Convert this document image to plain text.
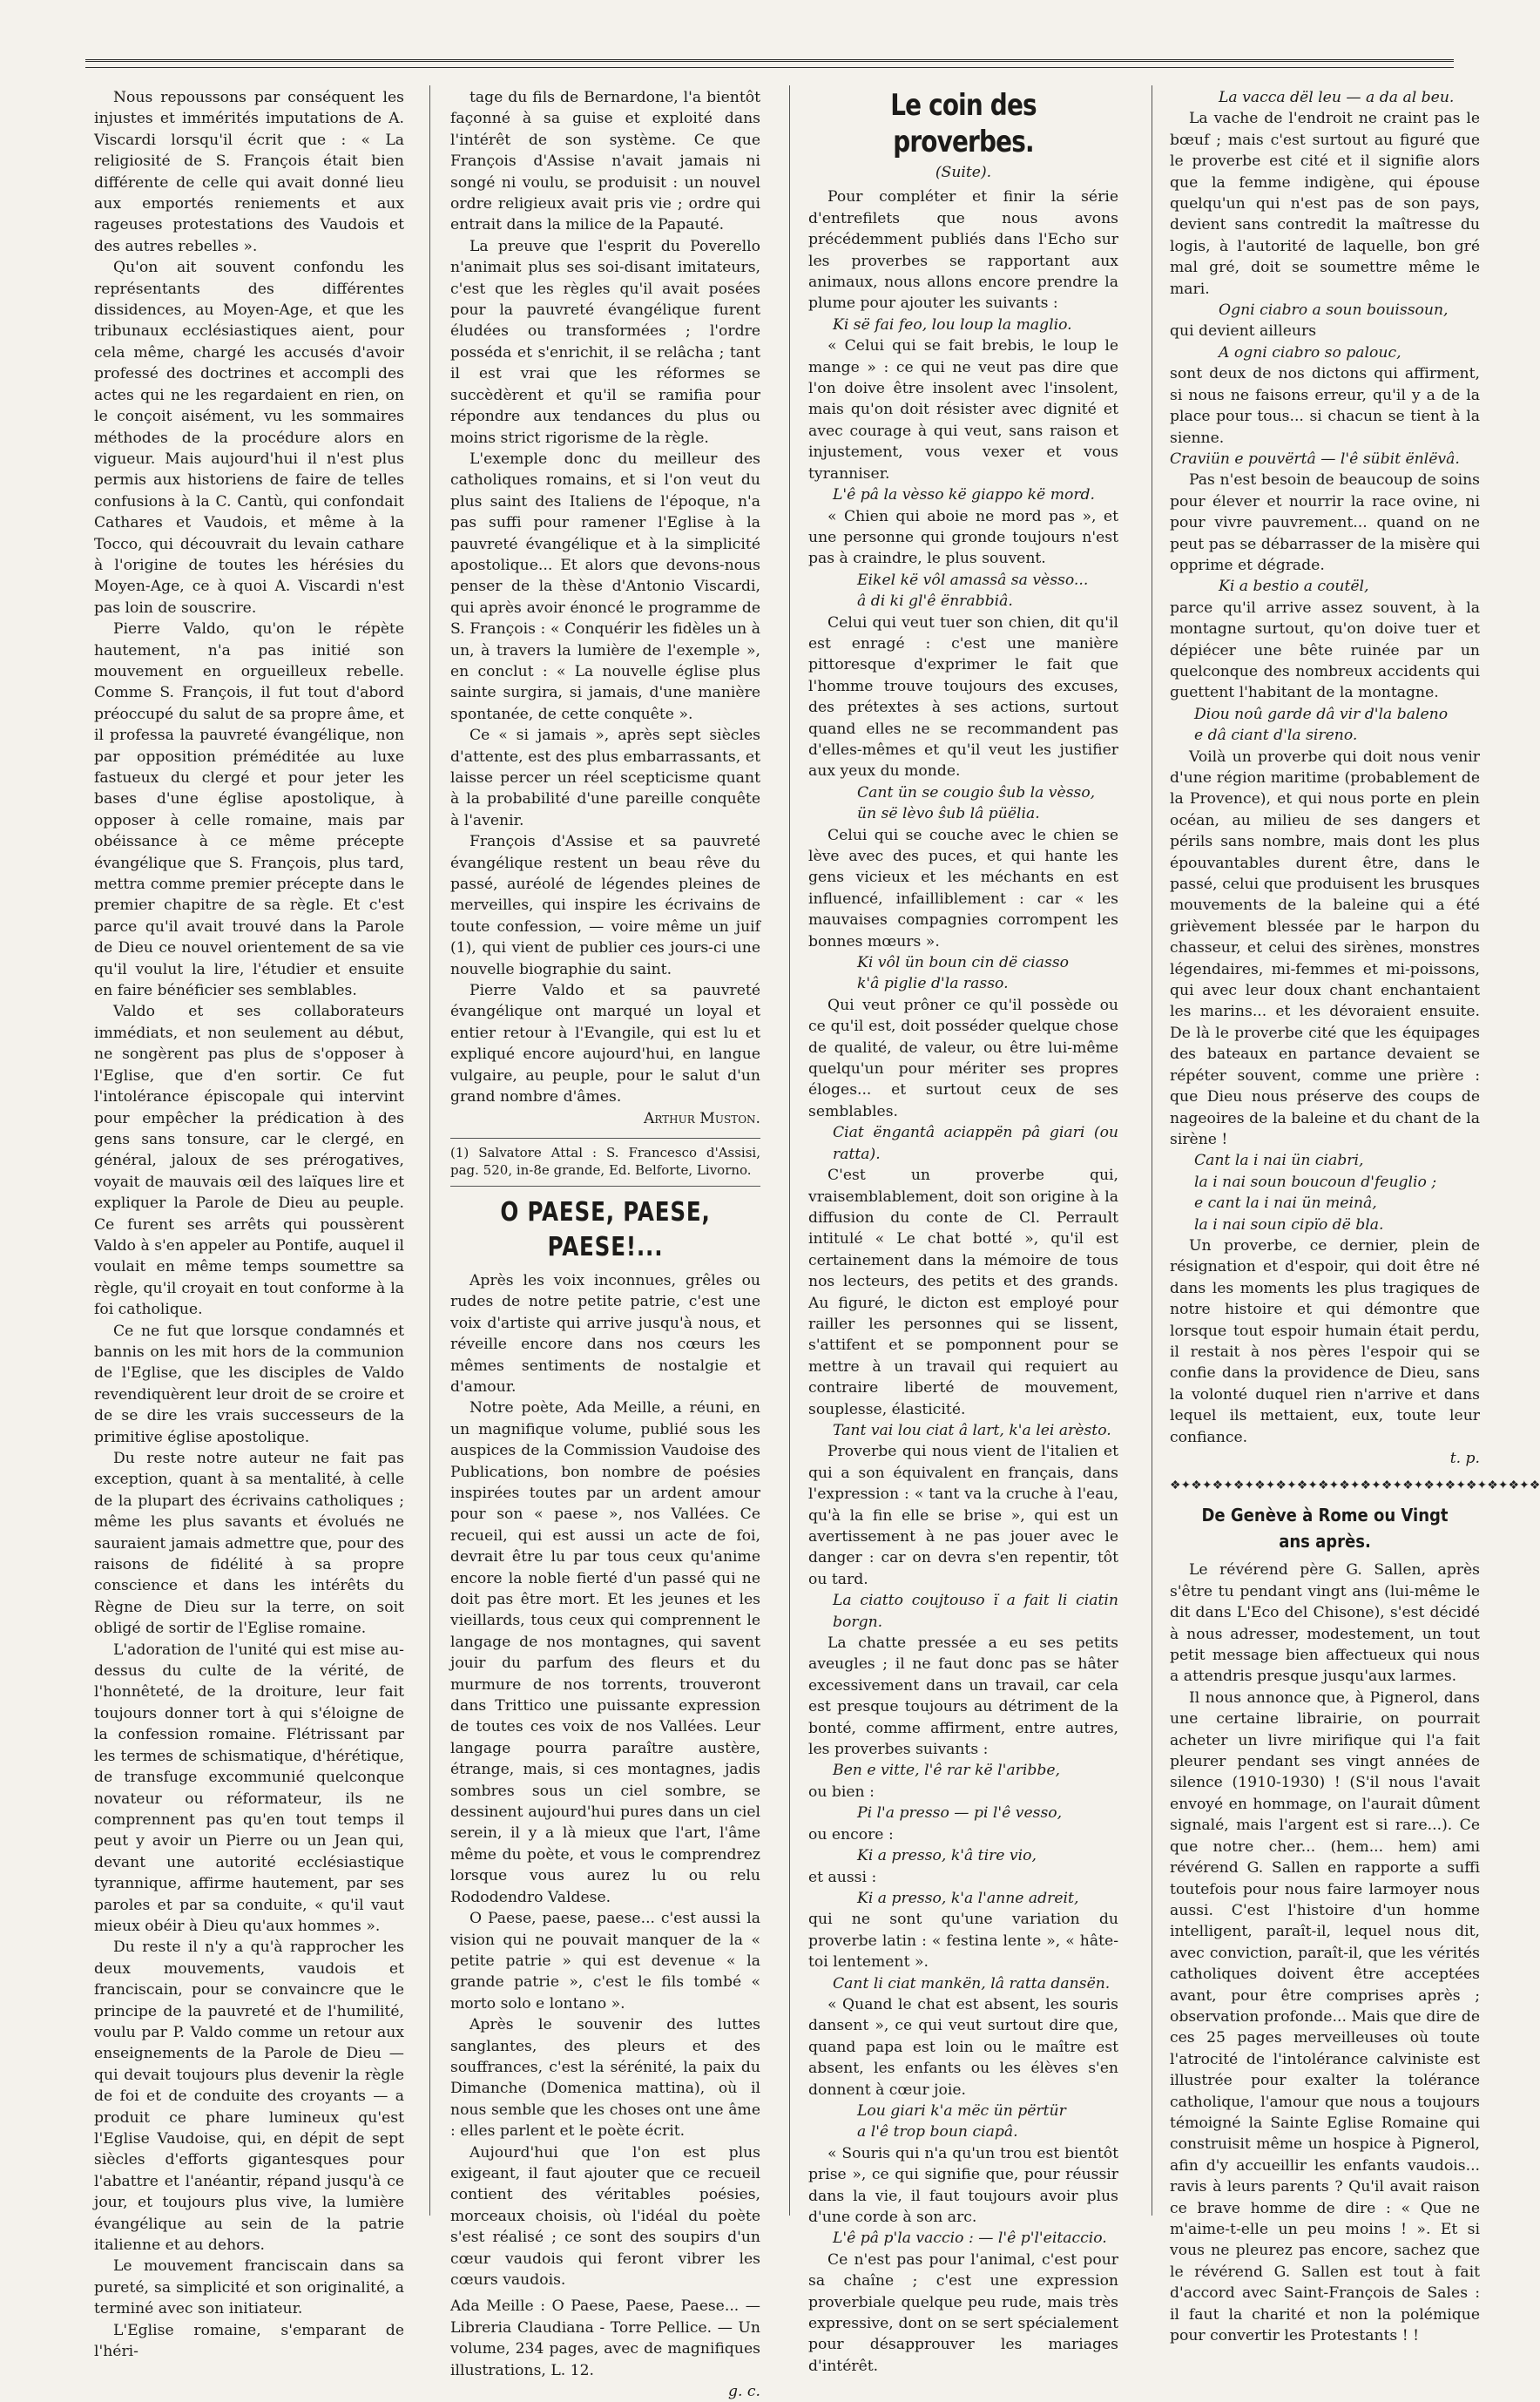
Nous repoussons par conséquent les injustes et immérités imputations de A. Viscardi lorsqu'il écrit que : « La religiosité de S. François était bien différente de celle qui avait donné lieu aux emportés reniements et aux rageuses protestations des Vaudois et des autres rebelles ».

Qu'on ait souvent confondu les représentants des différentes dissidences, au Moyen-Age, et que les tribunaux ecclésiastiques aient, pour cela même, chargé les accusés d'avoir professé des doctrines et accompli des actes qui ne les regardaient en rien, on le conçoit aisément, vu les sommaires méthodes de la procédure alors en vigueur. Mais aujourd'hui il n'est plus permis aux historiens de faire de telles confusions à la C. Cantù, qui confondait Cathares et Vaudois, et même à la Tocco, qui découvrait du levain cathare à l'origine de toutes les hérésies du Moyen-Age, ce à quoi A. Viscardi n'est pas loin de souscrire.

Pierre Valdo, qu'on le répète hautement, n'a pas initié son mouvement en orgueilleux rebelle. Comme S. François, il fut tout d'abord préoccupé du salut de sa propre âme, et il professa la pauvreté évangélique, non par opposition préméditée au luxe fastueux du clergé et pour jeter les bases d'une église apostolique, à opposer à celle romaine, mais par obéissance à ce même précepte évangélique que S. François, plus tard, mettra comme premier précepte dans le premier chapitre de sa règle. Et c'est parce qu'il avait trouvé dans la Parole de Dieu ce nouvel orientement de sa vie qu'il voulut la lire, l'étudier et ensuite en faire bénéficier ses semblables.

Valdo et ses collaborateurs immédiats, et non seulement au début, ne songèrent pas plus de s'opposer à l'Eglise, que d'en sortir. Ce fut l'intolérance épiscopale qui intervint pour empêcher la prédication à des gens sans tonsure, car le clergé, en général, jaloux de ses prérogatives, voyait de mauvais œil des laïques lire et expliquer la Parole de Dieu au peuple. Ce furent ses arrêts qui poussèrent Valdo à s'en appeler au Pontife, auquel il voulait en même temps soumettre sa règle, qu'il croyait en tout conforme à la foi catholique.

Ce ne fut que lorsque condamnés et bannis on les mit hors de la communion de l'Eglise, que les disciples de Valdo revendiquèrent leur droit de se croire et de se dire les vrais successeurs de la primitive église apostolique.

Du reste notre auteur ne fait pas exception, quant à sa mentalité, à celle de la plupart des écrivains catholiques ; même les plus savants et évolués ne sauraient jamais admettre que, pour des raisons de fidélité à sa propre conscience et dans les intérêts du Règne de Dieu sur la terre, on soit obligé de sortir de l'Eglise romaine.

L'adoration de l'unité qui est mise au-dessus du culte de la vérité, de l'honnêteté, de la droiture, leur fait toujours donner tort à qui s'éloigne de la confession romaine. Flétrissant par les termes de schismatique, d'hérétique, de transfuge excommunié quelconque novateur ou réformateur, ils ne comprennent pas qu'en tout temps il peut y avoir un Pierre ou un Jean qui, devant une autorité ecclésiastique tyrannique, affirme hautement, par ses paroles et par sa conduite, « qu'il vaut mieux obéir à Dieu qu'aux hommes ».

Du reste il n'y a qu'à rapprocher les deux mouvements, vaudois et franciscain, pour se convaincre que le principe de la pauvreté et de l'humilité, voulu par P. Valdo comme un retour aux enseignements de la Parole de Dieu — qui devait toujours plus devenir la règle de foi et de conduite des croyants — a produit ce phare lumineux qu'est l'Eglise Vaudoise, qui, en dépit de sept siècles d'efforts gigantesques pour l'abattre et l'anéantir, répand jusqu'à ce jour, et toujours plus vive, la lumière évangélique au sein de la patrie italienne et au dehors.

Le mouvement franciscain dans sa pureté, sa simplicité et son originalité, a terminé avec son initiateur.

L'Eglise romaine, s'emparant de l'héri-

tage du fils de Bernardone, l'a bientôt façonné à sa guise et exploité dans l'intérêt de son système. Ce que François d'Assise n'avait jamais ni songé ni voulu, se produisit : un nouvel ordre religieux avait pris vie ; ordre qui entrait dans la milice de la Papauté.

La preuve que l'esprit du Poverello n'animait plus ses soi-disant imitateurs, c'est que les règles qu'il avait posées pour la pauvreté évangélique furent éludées ou transformées ; l'ordre posséda et s'enrichit, il se relâcha ; tant il est vrai que les réformes se succèdèrent et qu'il se ramifia pour répondre aux tendances du plus ou moins strict rigorisme de la règle.

L'exemple donc du meilleur des catholiques romains, et si l'on veut du plus saint des Italiens de l'époque, n'a pas suffi pour ramener l'Eglise à la pauvreté évangélique et à la simplicité apostolique... Et alors que devons-nous penser de la thèse d'Antonio Viscardi, qui après avoir énoncé le programme de S. François : « Conquérir les fidèles un à un, à travers la lumière de l'exemple », en conclut : « La nouvelle église plus sainte surgira, si jamais, d'une manière spontanée, de cette conquête ».

Ce « si jamais », après sept siècles d'attente, est des plus embarrassants, et laisse percer un réel scepticisme quant à la probabilité d'une pareille conquête à l'avenir.

François d'Assise et sa pauvreté évangélique restent un beau rêve du passé, auréolé de légendes pleines de merveilles, qui inspire les écrivains de toute confession, — voire même un juif (1), qui vient de publier ces jours-ci une nouvelle biographie du saint.

Pierre Valdo et sa pauvreté évangélique ont marqué un loyal et entier retour à l'Evangile, qui est lu et expliqué encore aujourd'hui, en langue vulgaire, au peuple, pour le salut d'un grand nombre d'âmes.

Arthur Muston.

(1) Salvatore Attal : S. Francesco d'Assisi, pag. 520, in-8e grande, Ed. Belforte, Livorno.

O PAESE, PAESE, PAESE!...

Après les voix inconnues, grêles ou rudes de notre petite patrie, c'est une voix d'artiste qui arrive jusqu'à nous, et réveille encore dans nos cœurs les mêmes sentiments de nostalgie et d'amour.

Notre poète, Ada Meille, a réuni, en un magnifique volume, publié sous les auspices de la Commission Vaudoise des Publications, bon nombre de poésies inspirées toutes par un ardent amour pour son « paese », nos Vallées. Ce recueil, qui est aussi un acte de foi, devrait être lu par tous ceux qu'anime encore la noble fierté d'un passé qui ne doit pas être mort. Et les jeunes et les vieillards, tous ceux qui comprennent le langage de nos montagnes, qui savent jouir du parfum des fleurs et du murmure de nos torrents, trouveront dans Trittico une puissante expression de toutes ces voix de nos Vallées. Leur langage pourra paraître austère, étrange, mais, si ces montagnes, jadis sombres sous un ciel sombre, se dessinent aujourd'hui pures dans un ciel serein, il y a là mieux que l'art, l'âme même du poète, et vous le comprendrez lorsque vous aurez lu ou relu Rododendro Valdese.

O Paese, paese, paese... c'est aussi la vision qui ne pouvait manquer de la « petite patrie » qui est devenue « la grande patrie », c'est le fils tombé « morto solo e lontano ».

Après le souvenir des luttes sanglantes, des pleurs et des souffrances, c'est la sérénité, la paix du Dimanche (Domenica mattina), où il nous semble que les choses ont une âme : elles parlent et le poète écrit.

Aujourd'hui que l'on est plus exigeant, il faut ajouter que ce recueil contient des véritables poésies, morceaux choisis, où l'idéal du poète s'est réalisé ; ce sont des soupirs d'un cœur vaudois qui feront vibrer les cœurs vaudois.

Ada Meille : O Paese, Paese, Paese... — Libreria Claudiana - Torre Pellice. — Un volume, 234 pages, avec de magnifiques illustrations, L. 12.

g. c.

Le coin des proverbes.
(Suite).

Pour compléter et finir la série d'entrefilets que nous avons précédemment publiés dans l'Echo sur les proverbes se rapportant aux animaux, nous allons encore prendre la plume pour ajouter les suivants :

Ki së fai feo, lou loup la maglio.

« Celui qui se fait brebis, le loup le mange » : ce qui ne veut pas dire que l'on doive être insolent avec l'insolent, mais qu'on doit résister avec dignité et avec courage à qui veut, sans raison et injustement, vous vexer et vous tyranniser.

L'ê pâ la vèsso kë giappo kë mord.

« Chien qui aboie ne mord pas », et une personne qui gronde toujours n'est pas à craindre, le plus souvent.

Eikel kë vôl amassâ sa vèsso...

â di ki gl'ê ënrabbiâ.

Celui qui veut tuer son chien, dit qu'il est enragé : c'est une manière pittoresque d'exprimer le fait que l'homme trouve toujours des excuses, des prétextes à ses actions, surtout quand elles ne se recommandent pas d'elles-mêmes et qu'il veut les justifier aux yeux du monde.

Cant ün se cougio ŝub la vèsso,

ün së lèvo ŝub lâ püëlia.

Celui qui se couche avec le chien se lève avec des puces, et qui hante les gens vicieux et les méchants en est influencé, infailliblement : car « les mauvaises compagnies corrompent les bonnes mœurs ».

Ki vôl ün boun cin dë ciasso

k'â piglie d'la rasso.

Qui veut prôner ce qu'il possède ou ce qu'il est, doit posséder quelque chose de qualité, de valeur, ou être lui-même quelqu'un pour mériter ses propres éloges... et surtout ceux de ses semblables.

Ciat ëngantâ aciappën pâ giari (ou ratta).

C'est un proverbe qui, vraisemblablement, doit son origine à la diffusion du conte de Cl. Perrault intitulé « Le chat botté », qu'il est certainement dans la mémoire de tous nos lecteurs, des petits et des grands. Au figuré, le dicton est employé pour railler les personnes qui se lissent, s'attifent et se pomponnent pour se mettre à un travail qui requiert au contraire liberté de mouvement, souplesse, élasticité.

Tant vai lou ciat â lart, k'a lei arèsto.

Proverbe qui nous vient de l'italien et qui a son équivalent en français, dans l'expression : « tant va la cruche à l'eau, qu'à la fin elle se brise », qui est un avertissement à ne pas jouer avec le danger : car on devra s'en repentir, tôt ou tard.

La ciatto coujtouso ï a fait li ciatin borgn.

La chatte pressée a eu ses petits aveugles ; il ne faut donc pas se hâter excessivement dans un travail, car cela est presque toujours au détriment de la bonté, comme affirment, entre autres, les proverbes suivants :

Ben e vitte, l'ê rar kë l'aribbe,

ou bien :

Pi l'a presso — pi l'ê vesso,

ou encore :

Ki a presso, k'â tire vio,

et aussi :

Ki a presso, k'a l'anne adreit,

qui ne sont qu'une variation du proverbe latin : « festina lente », « hâte-toi lentement ».

Cant li ciat mankën, lâ ratta dansën.

« Quand le chat est absent, les souris dansent », ce qui veut surtout dire que, quand papa est loin ou le maître est absent, les enfants ou les élèves s'en donnent à cœur joie.

Lou giari k'a mëc ün përtür

a l'ê trop boun ciapâ.

« Souris qui n'a qu'un trou est bientôt prise », ce qui signifie que, pour réussir dans la vie, il faut toujours avoir plus d'une corde à son arc.

L'ê pâ p'la vaccio : — l'ê p'l'eitaccio.

Ce n'est pas pour l'animal, c'est pour sa chaîne ; c'est une expression proverbiale quelque peu rude, mais très expressive, dont on se sert spécialement pour désapprouver les mariages d'intérêt.

La vacca dël leu — a da al beu.

La vache de l'endroit ne craint pas le bœuf ; mais c'est surtout au figuré que le proverbe est cité et il signifie alors que la femme indigène, qui épouse quelqu'un qui n'est pas de son pays, devient sans contredit la maîtresse du logis, à l'autorité de laquelle, bon gré mal gré, doit se soumettre même le mari.

Ogni ciabro a soun bouissoun,

qui devient ailleurs

A ogni ciabro so palouc,

sont deux de nos dictons qui affirment, si nous ne faisons erreur, qu'il y a de la place pour tous... si chacun se tient à la sienne.

Craviün e pouvërtâ — l'ê sübit ënlëvâ.

Pas n'est besoin de beaucoup de soins pour élever et nourrir la race ovine, ni pour vivre pauvrement... quand on ne peut pas se débarrasser de la misère qui opprime et dégrade.

Ki a bestio a coutël,

parce qu'il arrive assez souvent, à la montagne surtout, qu'on doive tuer et dépiécer une bête ruinée par un quelconque des nombreux accidents qui guettent l'habitant de la montagne.

Diou noû garde dâ vir d'la baleno

e dâ ciant d'la sireno.

Voilà un proverbe qui doit nous venir d'une région maritime (probablement de la Provence), et qui nous porte en plein océan, au milieu de ses dangers et périls sans nombre, mais dont les plus épouvantables durent être, dans le passé, celui que produisent les brusques mouvements de la baleine qui a été grièvement blessée par le harpon du chasseur, et celui des sirènes, monstres légendaires, mi-femmes et mi-poissons, qui avec leur doux chant enchantaient les marins... et les dévoraient ensuite. De là le proverbe cité que les équipages des bateaux en partance devaient se répéter souvent, comme une prière : que Dieu nous préserve des coups de nageoires de la baleine et du chant de la sirène !

Cant la i nai ün ciabri,

la i nai soun boucoun d'feuglio ;

e cant la i nai ün meinâ,

la i nai soun cipïo dë bla.

Un proverbe, ce dernier, plein de résignation et d'espoir, qui doit être né dans les moments les plus tragiques de notre histoire et qui démontre que lorsque tout espoir humain était perdu, il restait à nos pères l'espoir qui se confie dans la providence de Dieu, sans la volonté duquel rien n'arrive et dans lequel ils mettaient, eux, toute leur confiance.

t. p.

❖✦❖✦❖✦❖✦❖✦❖✦❖✦❖✦❖✦❖✦❖✦❖✦❖✦❖✦❖✦❖✦❖✦❖
De Genève à Rome ou Vingt ans après.

Le révérend père G. Sallen, après s'être tu pendant vingt ans (lui-même le dit dans L'Eco del Chisone), s'est décidé à nous adresser, modestement, un tout petit message bien affectueux qui nous a attendris presque jusqu'aux larmes.

Il nous annonce que, à Pignerol, dans une certaine librairie, on pourrait acheter un livre mirifique qui l'a fait pleurer pendant ses vingt années de silence (1910-1930) ! (S'il nous l'avait envoyé en hommage, on l'aurait dûment signalé, mais l'argent est si rare...). Ce que notre cher... (hem... hem) ami révérend G. Sallen en rapporte a suffi toutefois pour nous faire larmoyer nous aussi. C'est l'histoire d'un homme intelligent, paraît-il, lequel nous dit, avec conviction, paraît-il, que les vérités catholiques doivent être acceptées avant, pour être comprises après ; observation profonde... Mais que dire de ces 25 pages merveilleuses où toute l'atrocité de l'intolérance calviniste est illustrée pour exalter la tolérance catholique, l'amour que nous a toujours témoigné la Sainte Eglise Romaine qui construisit même un hospice à Pignerol, afin d'y accueillir les enfants vaudois... ravis à leurs parents ? Qu'il avait raison ce brave homme de dire : « Que ne m'aime-t-elle un peu moins ! ». Et si vous ne pleurez pas encore, sachez que le révérend G. Sallen est tout à fait d'accord avec Saint-François de Sales : il faut la charité et non la polémique pour convertir les Protestants ! !
